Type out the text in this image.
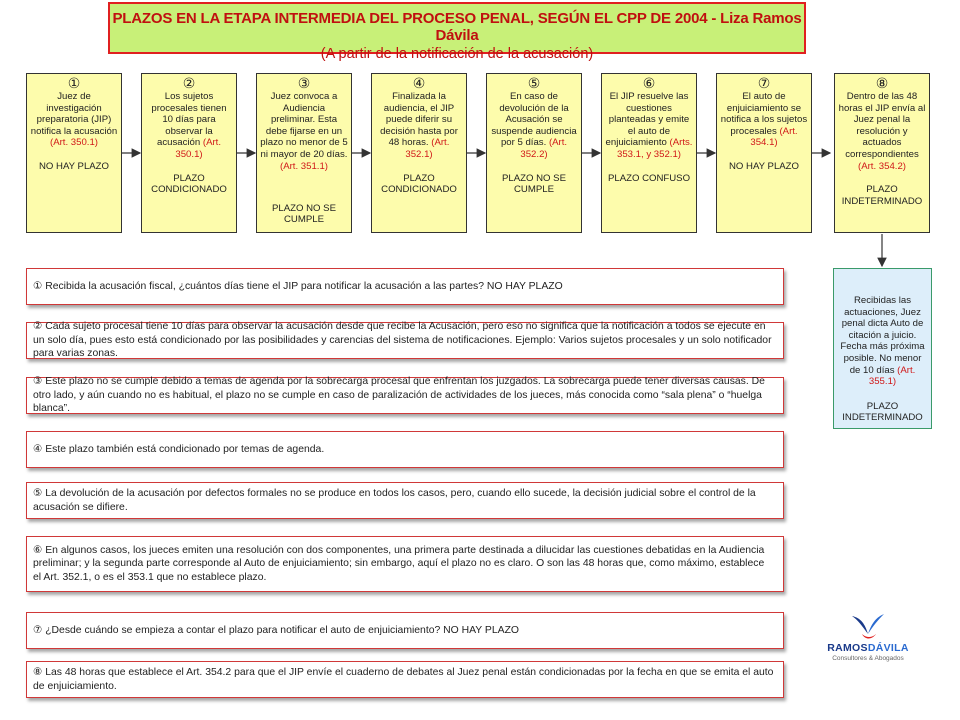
PLAZOS EN LA ETAPA INTERMEDIA DEL PROCESO PENAL, SEGÚN EL CPP DE 2004 - Liza Ramos Dávila
(A partir de la notificación de la acusación)
①
Juez de investigación preparatoria (JIP) notifica la acusación (Art. 350.1)
NO HAY PLAZO
②
Los sujetos procesales tienen 10 días para observar la acusación (Art. 350.1)
PLAZO CONDICIONADO
③
Juez convoca a Audiencia preliminar. Esta debe fijarse en un plazo no menor de 5 ni mayor de 20 días. (Art. 351.1)
PLAZO NO SE CUMPLE
④
Finalizada la audiencia, el JIP puede diferir su decisión hasta por 48 horas. (Art. 352.1)
PLAZO CONDICIONADO
⑤
En caso de devolución de la Acusación se suspende audiencia por 5 días. (Art. 352.2)
PLAZO NO SE CUMPLE
⑥
El JIP resuelve las cuestiones planteadas y emite el auto de enjuiciamiento (Arts. 353.1, y 352.1)
PLAZO CONFUSO
⑦
El auto de enjuiciamiento se notifica a los sujetos procesales (Art. 354.1)
NO HAY PLAZO
⑧
Dentro de las 48 horas el JIP envía al Juez penal la resolución y actuados correspondientes (Art. 354.2)
PLAZO INDETERMINADO
Recibidas las actuaciones, Juez penal dicta Auto de citación a juicio. Fecha más próxima posible. No menor de 10 días (Art. 355.1)
PLAZO INDETERMINADO
① Recibida la acusación fiscal, ¿cuántos días tiene el JIP para notificar la acusación a las partes? NO HAY PLAZO
② Cada sujeto procesal tiene 10 días para observar la acusación desde que recibe la Acusación, pero eso no significa que la notificación a todos se ejecute en un solo día, pues esto está condicionado por las posibilidades y carencias del sistema de notificaciones. Ejemplo: Varios sujetos procesales y un solo notificador para varias zonas.
③ Este plazo no se cumple debido a temas de agenda por la sobrecarga procesal que enfrentan los juzgados. La sobrecarga puede tener diversas causas. De otro lado, y aún cuando no es habitual, el plazo no se cumple en caso de paralización de actividades de los jueces, más conocida como “sala plena” o “huelga blanca”.
④ Este plazo también está condicionado por temas de agenda.
⑤ La devolución de la acusación por defectos formales no se produce en todos los casos, pero, cuando ello sucede, la decisión judicial sobre el control de la acusación se difiere.
⑥ En algunos casos, los jueces emiten una resolución con dos componentes, una primera parte destinada a dilucidar las cuestiones debatidas en la Audiencia preliminar; y la segunda parte corresponde al Auto de enjuiciamiento; sin embargo, aquí el plazo no es claro. O son las 48 horas que, como máximo, establece el Art. 352.1, o es el 353.1 que no establece plazo.
⑦ ¿Desde cuándo se empieza a contar el plazo para notificar el auto de enjuiciamiento? NO HAY PLAZO
⑧ Las 48 horas que establece el Art. 354.2 para que el JIP envíe el cuaderno de debates al Juez penal están condicionadas por la fecha en que se emita el auto de enjuiciamiento.
RAMOSDÁVILA
Consultores & Abogados
